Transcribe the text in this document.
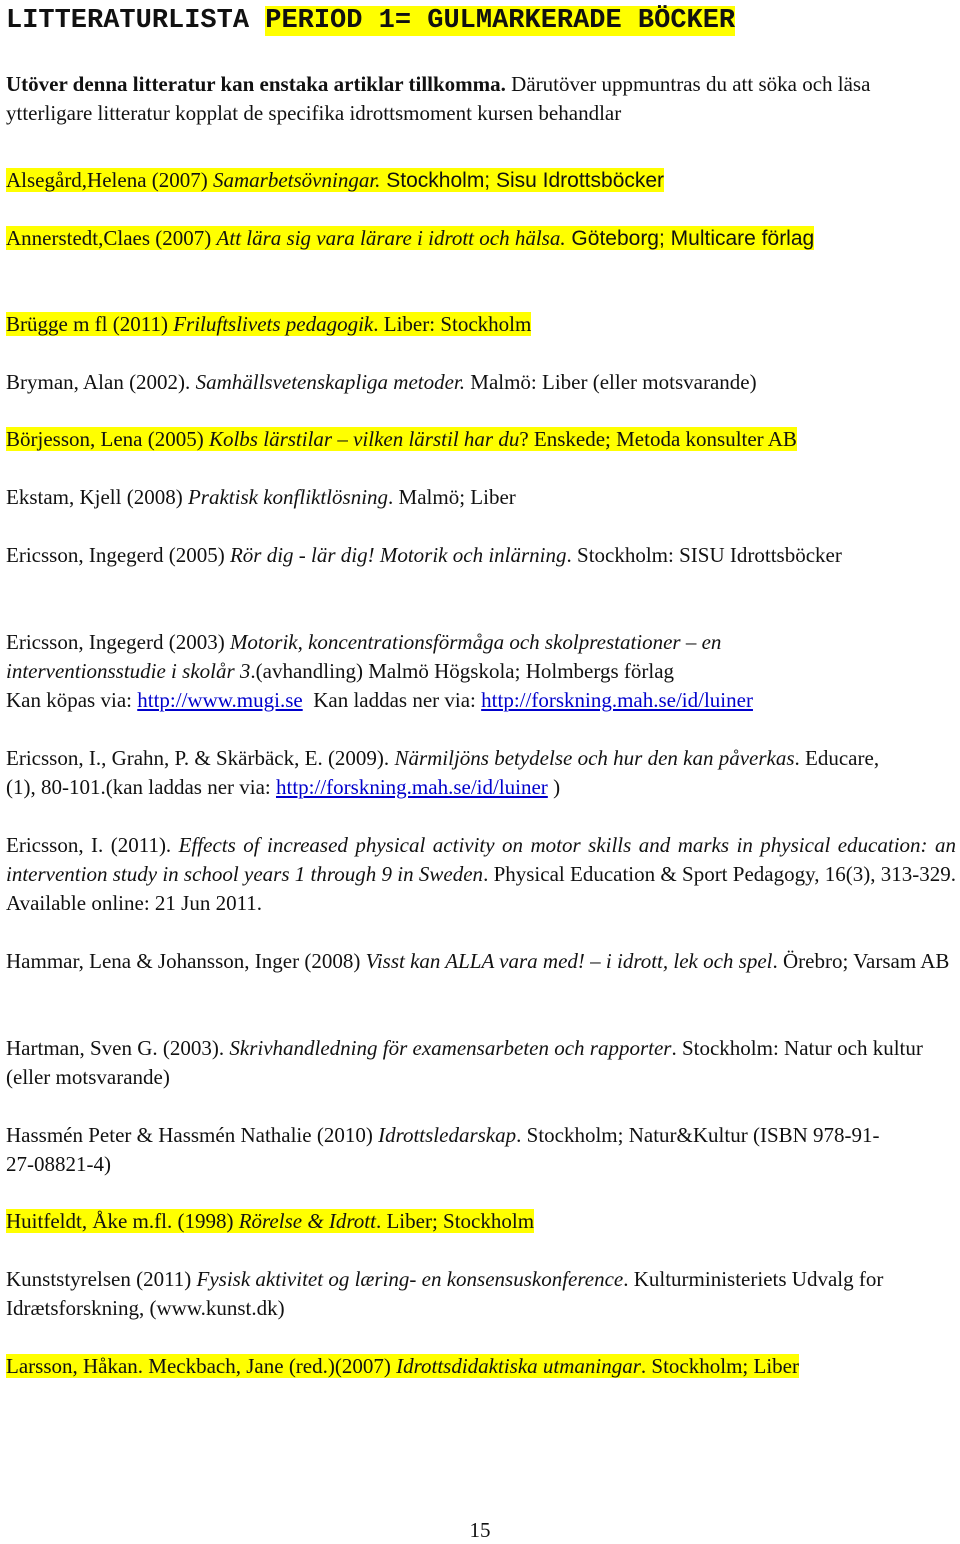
LITTERATURLISTA PERIOD 1= GULMARKERADE BÖCKER
Utöver denna litteratur kan enstaka artiklar tillkomma. Därutöver uppmuntras du att söka och läsa ytterligare litteratur kopplat de specifika idrottsmoment kursen behandlar
Alsegård,Helena (2007) Samarbetsövningar. Stockholm; Sisu Idrottsböcker
Annerstedt,Claes (2007) Att lära sig vara lärare i idrott och hälsa. Göteborg; Multicare förlag
Brügge m fl (2011) Friluftslivets pedagogik. Liber: Stockholm
Bryman, Alan (2002). Samhällsvetenskapliga metoder. Malmö: Liber (eller motsvarande)
Börjesson, Lena (2005) Kolbs lärstilar – vilken lärstil har du? Enskede; Metoda konsulter AB
Ekstam, Kjell (2008) Praktisk konfliktlösning. Malmö; Liber
Ericsson, Ingegerd (2005) Rör dig - lär dig! Motorik och inlärning. Stockholm: SISU Idrottsböcker
Ericsson, Ingegerd (2003) Motorik, koncentrationsförmåga och skolprestationer – en interventionsstudie i skolår 3.(avhandling) Malmö Högskola; Holmbergs förlag
Kan köpas via: http://www.mugi.se Kan laddas ner via: http://forskning.mah.se/id/luiner
Ericsson, I., Grahn, P. & Skärbäck, E. (2009). Närmiljöns betydelse och hur den kan påverkas. Educare, (1), 80-101.(kan laddas ner via: http://forskning.mah.se/id/luiner )
Ericsson, I. (2011). Effects of increased physical activity on motor skills and marks in physical education: an intervention study in school years 1 through 9 in Sweden. Physical Education & Sport Pedagogy, 16(3), 313-329. Available online: 21 Jun 2011.
Hammar, Lena & Johansson, Inger (2008) Visst kan ALLA vara med! – i idrott, lek och spel. Örebro; Varsam AB
Hartman, Sven G. (2003). Skrivhandledning för examensarbeten och rapporter. Stockholm: Natur och kultur (eller motsvarande)
Hassmén Peter & Hassmén Nathalie (2010) Idrottsledarskap. Stockholm; Natur&Kultur (ISBN 978-91-27-08821-4)
Huitfeldt, Åke m.fl. (1998) Rörelse & Idrott. Liber; Stockholm
Kunststyrelsen (2011) Fysisk aktivitet og læring- en konsensuskonference. Kulturministeriets Udvalg for Idrætsforskning, (www.kunst.dk)
Larsson, Håkan. Meckbach, Jane (red.)(2007) Idrottsdidaktiska utmaningar. Stockholm; Liber
15
